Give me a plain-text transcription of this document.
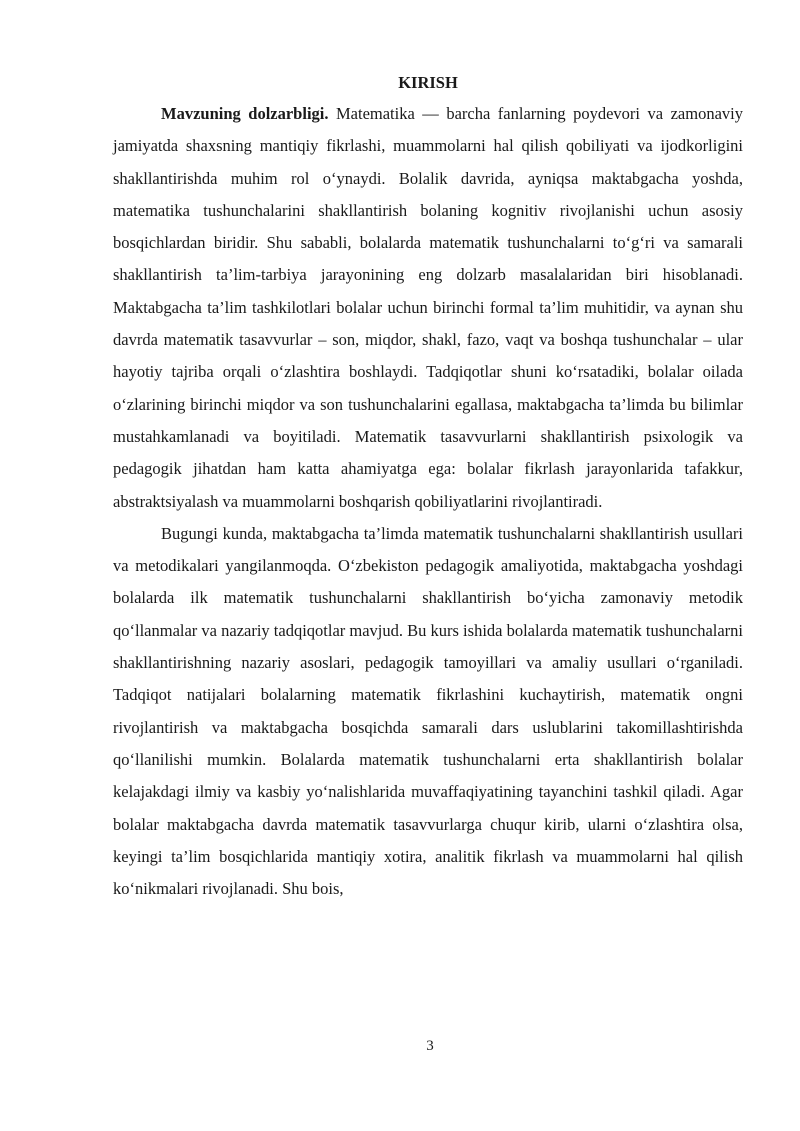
KIRISH

Mavzuning dolzarbligi. Matematika — barcha fanlarning poydevori va zamonaviy jamiyatda shaxsning mantiqiy fikrlashi, muammolarni hal qilish qobiliyati va ijodkorligini shakllantirishda muhim rol o‘ynaydi. Bolalik davrida, ayniqsa maktabgacha yoshda, matematika tushunchalarini shakllantirish bolaning kognitiv rivojlanishi uchun asosiy bosqichlardan biridir. Shu sababli, bolalarda matematik tushunchalarni to‘g‘ri va samarali shakllantirish ta’lim-tarbiya jarayonining eng dolzarb masalalaridan biri hisoblanadi. Maktabgacha ta’lim tashkilotlari bolalar uchun birinchi formal ta’lim muhitidir, va aynan shu davrda matematik tasavvurlar – son, miqdor, shakl, fazo, vaqt va boshqa tushunchalar – ular hayotiy tajriba orqali o‘zlashtira boshlaydi. Tadqiqotlar shuni ko‘rsatadiki, bolalar oilada o‘zlarining birinchi miqdor va son tushunchalarini egallasa, maktabgacha ta’limda bu bilimlar mustahkamlanadi va boyitiladi. Matematik tasavvurlarni shakllantirish psixologik va pedagogik jihatdan ham katta ahamiyatga ega: bolalar fikrlash jarayonlarida tafakkur, abstraktsiyalash va muammolarni boshqarish qobiliyatlarini rivojlantiradi.

Bugungi kunda, maktabgacha ta’limda matematik tushunchalarni shakllantirish usullari va metodikalari yangilanmoqda. O‘zbekiston pedagogik amaliyotida, maktabgacha yoshdagi bolalarda ilk matematik tushunchalarni shakllantirish bo‘yicha zamonaviy metodik qo‘llanmalar va nazariy tadqiqotlar mavjud. Bu kurs ishida bolalarda matematik tushunchalarni shakllantirishning nazariy asoslari, pedagogik tamoyillari va amaliy usullari o‘rganiladi. Tadqiqot natijalari bolalarning matematik fikrlashini kuchaytirish, matematik ongni rivojlantirish va maktabgacha bosqichda samarali dars uslublarini takomillashtirishda qo‘llanilishi mumkin. Bolalarda matematik tushunchalarni erta shakllantirish bolalar kelajakdagi ilmiy va kasbiy yo‘nalishlarida muvaffaqiyatining tayanchini tashkil qiladi. Agar bolalar maktabgacha davrda matematik tasavvurlarga chuqur kirib, ularni o‘zlashtira olsa, keyingi ta’lim bosqichlarida mantiqiy xotira, analitik fikrlash va muammolarni hal qilish ko‘nikmalari rivojlanadi. Shu bois,

3
